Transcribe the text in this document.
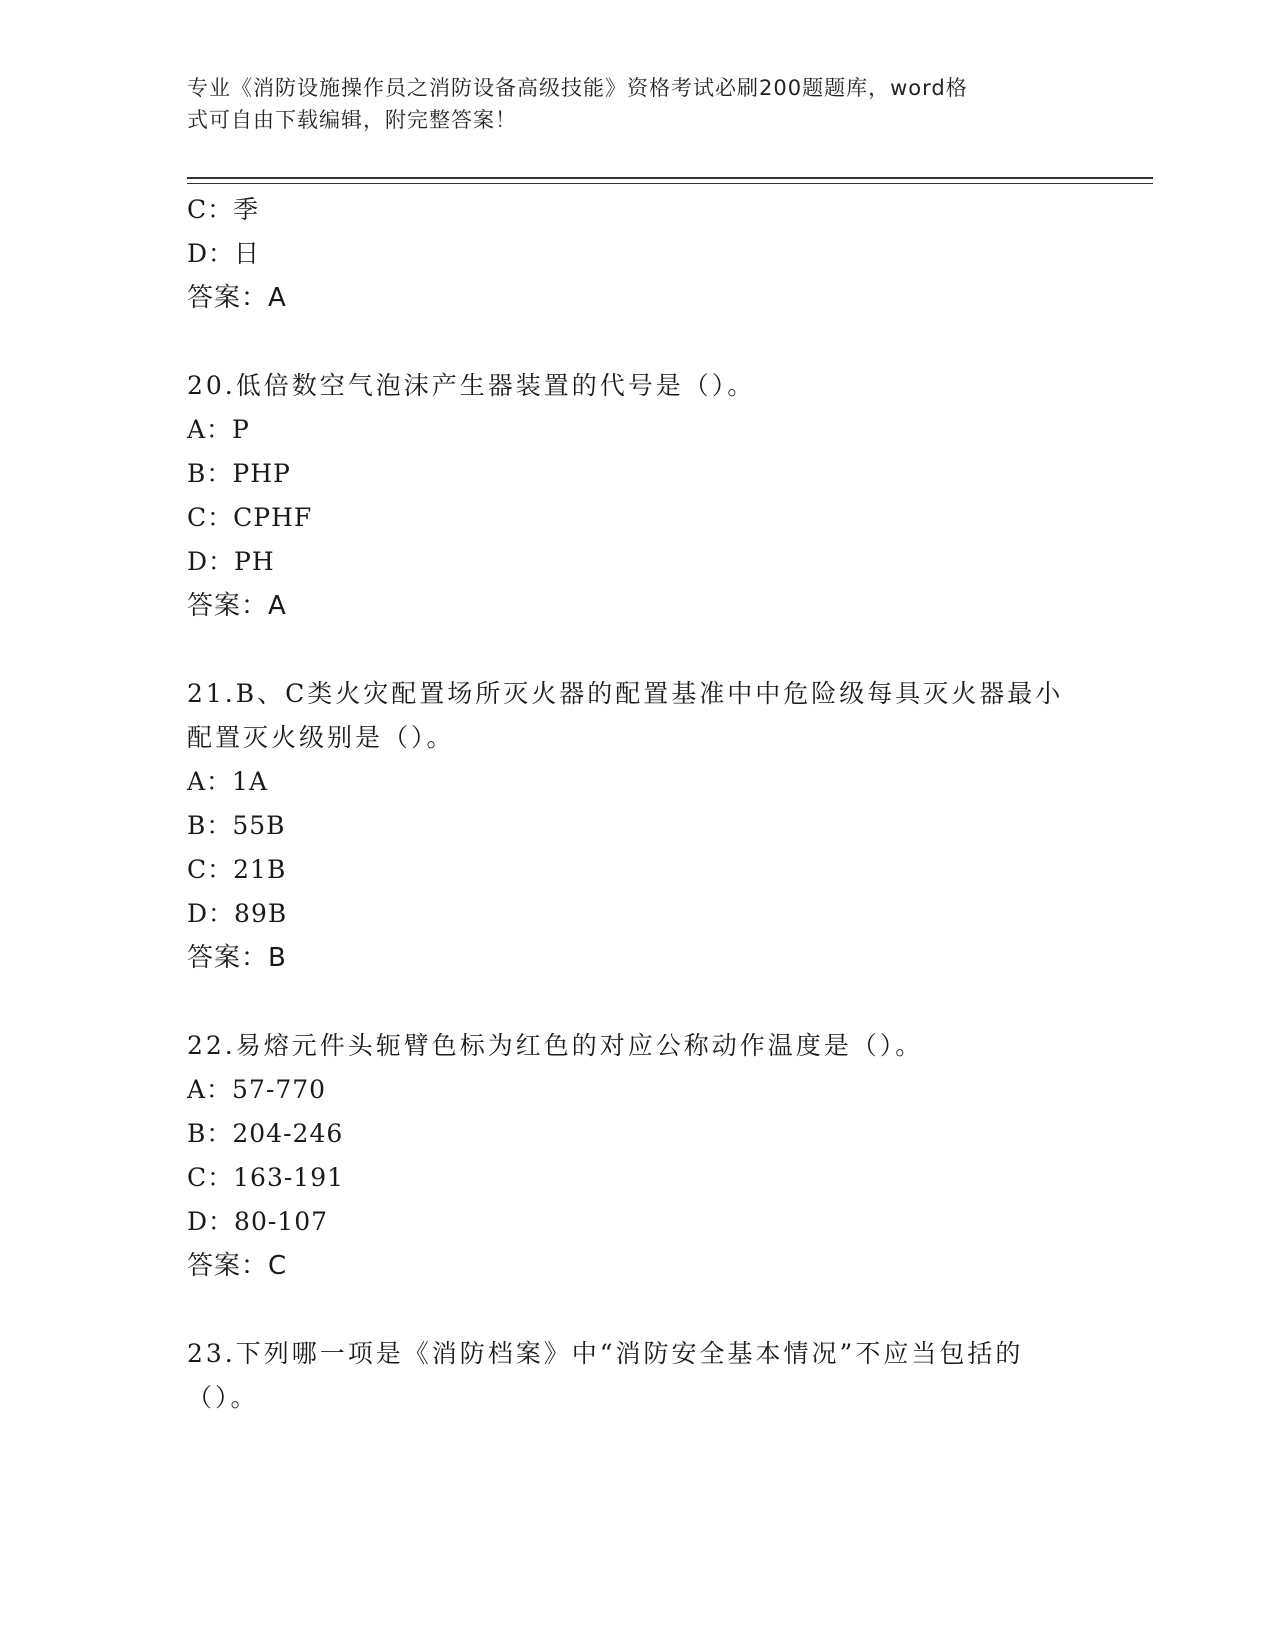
专业《消防设施操作员之消防设备高级技能》资格考试必刷200题题库，word格
式可自由下载编辑，附完整答案！
C：季
D：日
答案：A
20.低倍数空气泡沫产生器装置的代号是（）。
A：P
B：PHP
C：CPHF
D：PH
答案：A
21.B、C类火灾配置场所灭火器的配置基准中中危险级每具灭火器最小
配置灭火级别是（）。
A：1A
B：55B
C：21B
D：89B
答案：B
22.易熔元件头轭臂色标为红色的对应公称动作温度是（）。
A：57-770
B：204-246
C：163-191
D：80-107
答案：C
23.下列哪一项是《消防档案》中“消防安全基本情况”不应当包括的
（）。
